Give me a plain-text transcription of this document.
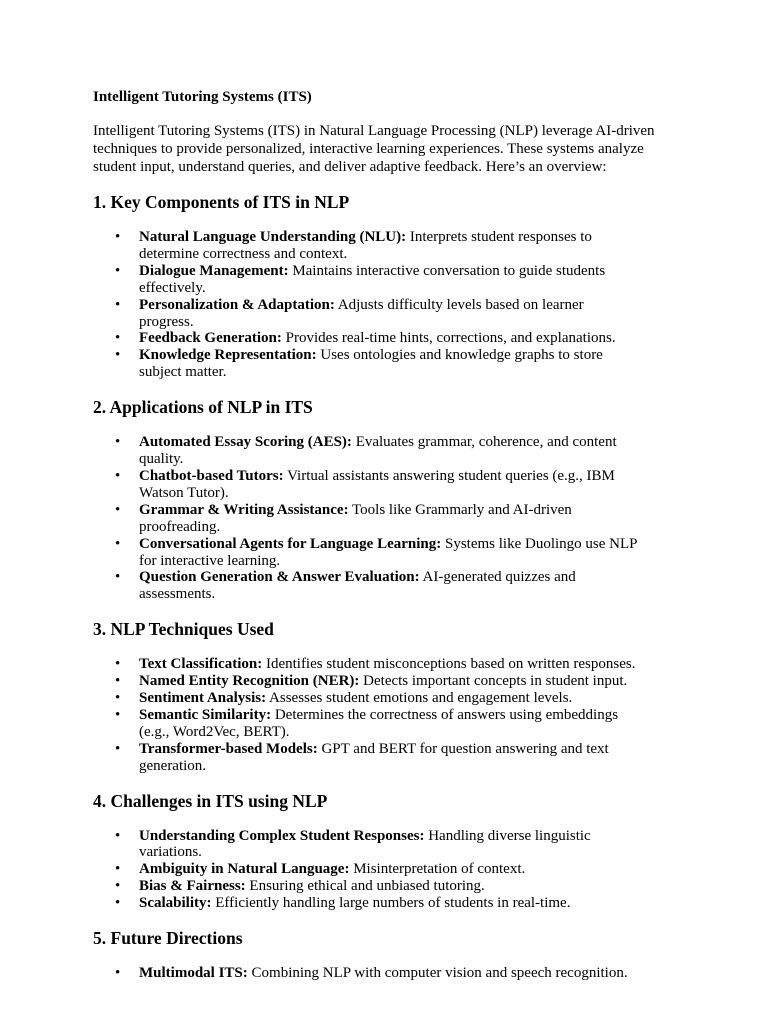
Intelligent Tutoring Systems (ITS)

Intelligent Tutoring Systems (ITS) in Natural Language Processing (NLP) leverage AI-driven techniques to provide personalized, interactive learning experiences. These systems analyze student input, understand queries, and deliver adaptive feedback. Here’s an overview:

1. Key Components of ITS in NLP
• Natural Language Understanding (NLU): Interprets student responses to determine correctness and context.
• Dialogue Management: Maintains interactive conversation to guide students effectively.
• Personalization & Adaptation: Adjusts difficulty levels based on learner progress.
• Feedback Generation: Provides real-time hints, corrections, and explanations.
• Knowledge Representation: Uses ontologies and knowledge graphs to store subject matter.
2. Applications of NLP in ITS
• Automated Essay Scoring (AES): Evaluates grammar, coherence, and content quality.
• Chatbot-based Tutors: Virtual assistants answering student queries (e.g., IBM Watson Tutor).
• Grammar & Writing Assistance: Tools like Grammarly and AI-driven proofreading.
• Conversational Agents for Language Learning: Systems like Duolingo use NLP for interactive learning.
• Question Generation & Answer Evaluation: AI-generated quizzes and assessments.
3. NLP Techniques Used
• Text Classification: Identifies student misconceptions based on written responses.
• Named Entity Recognition (NER): Detects important concepts in student input.
• Sentiment Analysis: Assesses student emotions and engagement levels.
• Semantic Similarity: Determines the correctness of answers using embeddings (e.g., Word2Vec, BERT).
• Transformer-based Models: GPT and BERT for question answering and text generation.
4. Challenges in ITS using NLP
• Understanding Complex Student Responses: Handling diverse linguistic variations.
• Ambiguity in Natural Language: Misinterpretation of context.
• Bias & Fairness: Ensuring ethical and unbiased tutoring.
• Scalability: Efficiently handling large numbers of students in real-time.
5. Future Directions
• Multimodal ITS: Combining NLP with computer vision and speech recognition.
